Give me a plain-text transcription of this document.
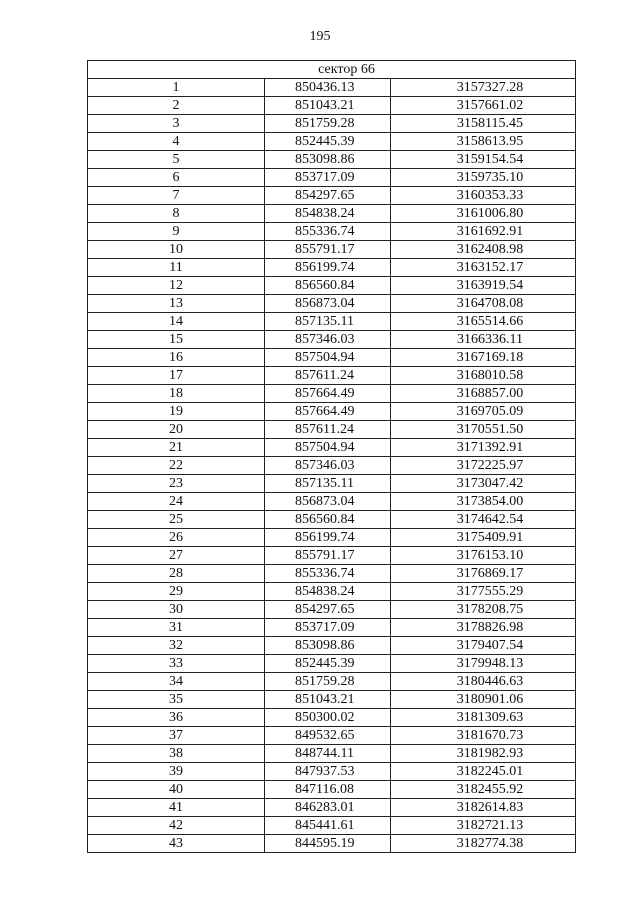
195
сектор 66		
1	850436.13	3157327.28
2	851043.21	3157661.02
3	851759.28	3158115.45
4	852445.39	3158613.95
5	853098.86	3159154.54
6	853717.09	3159735.10
7	854297.65	3160353.33
8	854838.24	3161006.80
9	855336.74	3161692.91
10	855791.17	3162408.98
11	856199.74	3163152.17
12	856560.84	3163919.54
13	856873.04	3164708.08
14	857135.11	3165514.66
15	857346.03	3166336.11
16	857504.94	3167169.18
17	857611.24	3168010.58
18	857664.49	3168857.00
19	857664.49	3169705.09
20	857611.24	3170551.50
21	857504.94	3171392.91
22	857346.03	3172225.97
23	857135.11	3173047.42
24	856873.04	3173854.00
25	856560.84	3174642.54
26	856199.74	3175409.91
27	855791.17	3176153.10
28	855336.74	3176869.17
29	854838.24	3177555.29
30	854297.65	3178208.75
31	853717.09	3178826.98
32	853098.86	3179407.54
33	852445.39	3179948.13
34	851759.28	3180446.63
35	851043.21	3180901.06
36	850300.02	3181309.63
37	849532.65	3181670.73
38	848744.11	3181982.93
39	847937.53	3182245.01
40	847116.08	3182455.92
41	846283.01	3182614.83
42	845441.61	3182721.13
43	844595.19	3182774.38
